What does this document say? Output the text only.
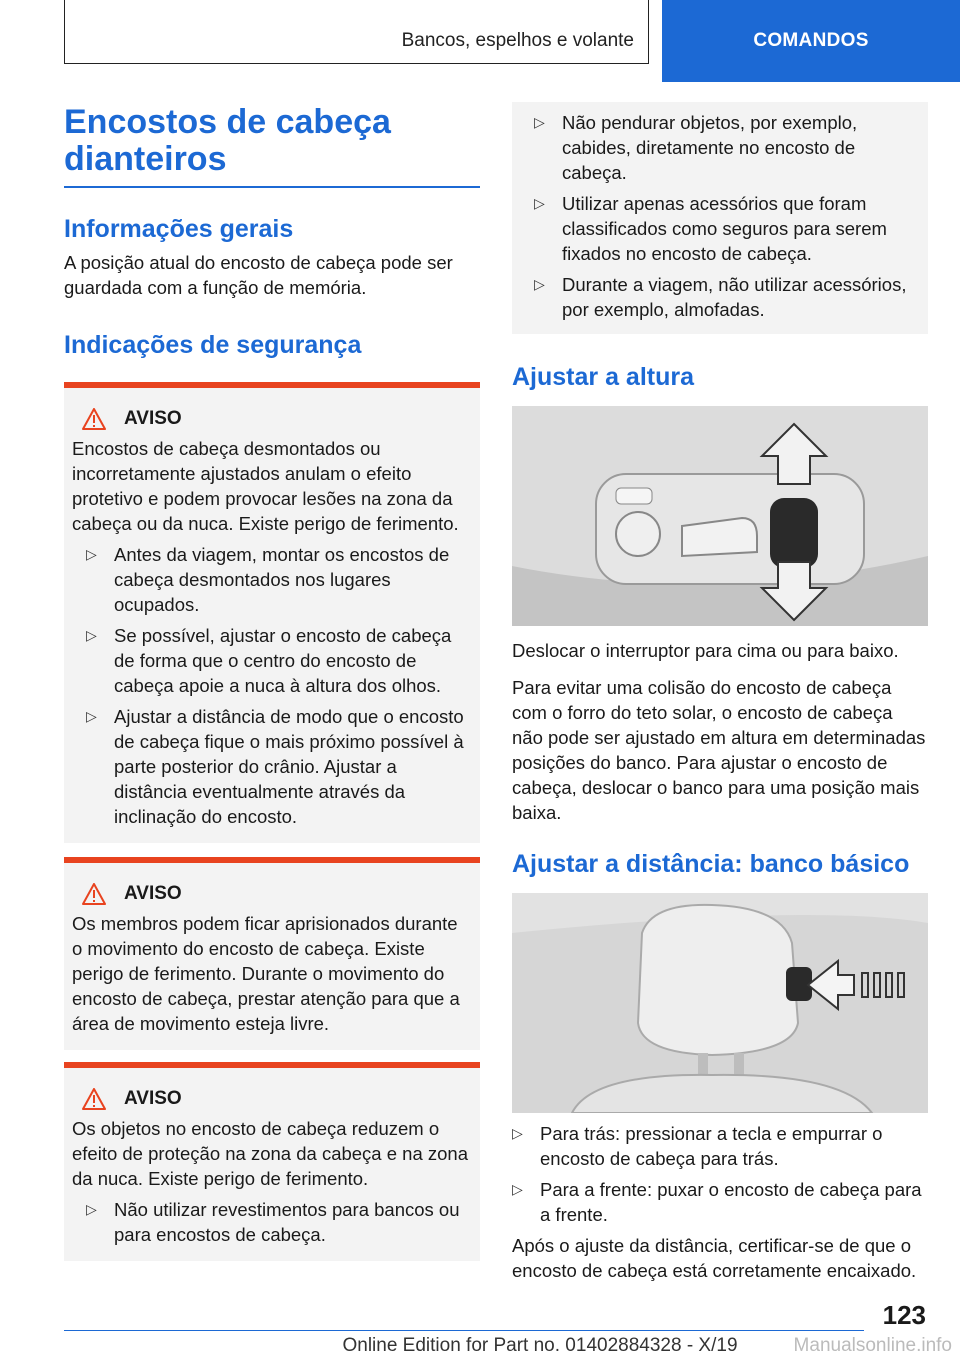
Bancos, espelhos e volante	COMANDOS
Encostos de cabeça dianteiros
Informações gerais

A posição atual do encosto de cabeça pode ser guardada com a função de memória.

Indicações de segurança
AVISO

Encostos de cabeça desmontados ou incorretamente ajustados anulam o efeito protetivo e podem provocar lesões na zona da cabeça ou da nuca. Existe perigo de ferimento.

▷ Antes da viagem, montar os encostos de cabeça desmontados nos lugares ocupados.
▷ Se possível, ajustar o encosto de cabeça de forma que o centro do encosto de cabeça apoie a nuca à altura dos olhos.
▷ Ajustar a distância de modo que o encosto de cabeça fique o mais próximo possível à parte posterior do crânio. Ajustar a distância eventualmente através da inclinação do encosto.
AVISO

Os membros podem ficar aprisionados durante o movimento do encosto de cabeça. Existe perigo de ferimento. Durante o movimento do encosto de cabeça, prestar atenção para que a área de movimento esteja livre.

AVISO

Os objetos no encosto de cabeça reduzem o efeito de proteção na zona da cabeça e na zona da nuca. Existe perigo de ferimento.

▷ Não utilizar revestimentos para bancos ou para encostos de cabeça.
▷ Não pendurar objetos, por exemplo, cabides, diretamente no encosto de cabeça.
▷ Utilizar apenas acessórios que foram classificados como seguros para serem fixados no encosto de cabeça.
▷ Durante a viagem, não utilizar acessórios, por exemplo, almofadas.
Ajustar a altura

Deslocar o interruptor para cima ou para baixo.

Para evitar uma colisão do encosto de cabeça com o forro do teto solar, o encosto de cabeça não pode ser ajustado em altura em determinadas posições do banco. Para ajustar o encosto de cabeça, deslocar o banco para uma posição mais baixa.

Ajustar a distância: banco básico
▷ Para trás: pressionar a tecla e empurrar o encosto de cabeça para trás.
▷ Para a frente: puxar o encosto de cabeça para a frente.

Após o ajuste da distância, certificar-se de que o encosto de cabeça está corretamente encaixado.

123
Online Edition for Part no. 01402884328 - X/19	Manualsonline.info
